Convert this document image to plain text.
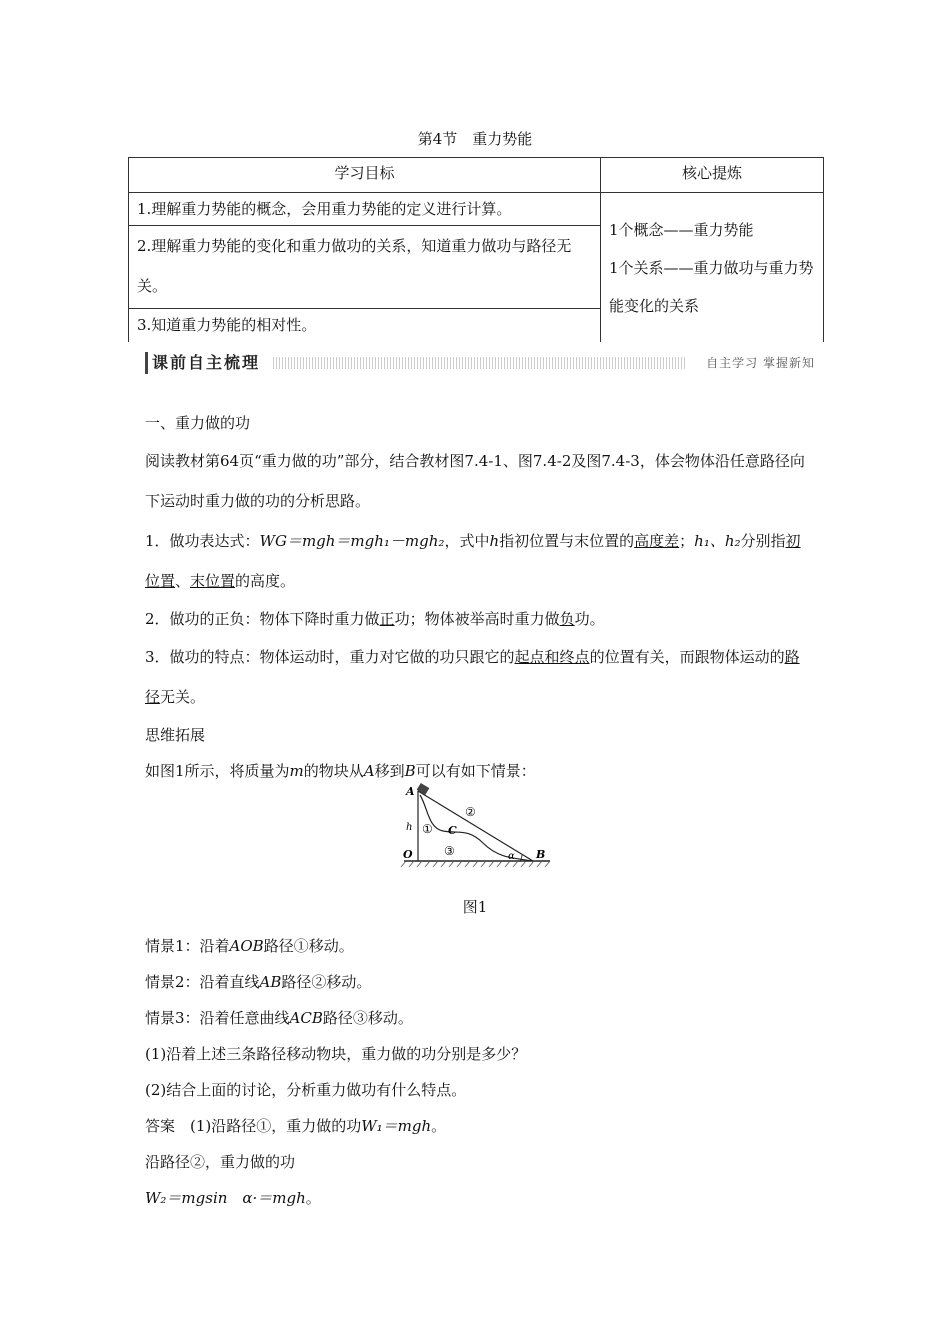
第4节　重力势能
学习目标	核心提炼
1.理解重力势能的概念，会用重力势能的定义进行计算。	1个概念——重力势能
1个关系——重力做功与重力势能变化的关系

2.理解重力势能的变化和重力做功的关系，知道重力做功与路径无关。	
3.知道重力势能的相对性。	
课前自主梳理	自主学习 掌握新知

一、重力做的功

阅读教材第64页“重力做的功”部分，结合教材图7.4-1、图7.4-2及图7.4-3，体会物体沿任意路径向下运动时重力做的功的分析思路。

1．做功表达式：WG＝mgh＝mgh₁－mgh₂，式中h指初位置与末位置的高度差；h₁、h₂分别指初位置、末位置的高度。

2．做功的正负：物体下降时重力做正功；物体被举高时重力做负功。

3．做功的特点：物体运动时，重力对它做的功只跟它的起点和终点的位置有关，而跟物体运动的路径无关。

思维拓展

如图1所示，将质量为m的物块从A移到B可以有如下情景：

A
B
O
C
h ①
②
③	α
图1

情景1：沿着AOB路径①移动。

情景2：沿着直线AB路径②移动。

情景3：沿着任意曲线ACB路径③移动。

(1)沿着上述三条路径移动物块，重力做的功分别是多少？

(2)结合上面的讨论，分析重力做功有什么特点。

答案　(1)沿路径①，重力做的功W₁＝mgh。

沿路径②，重力做的功

W₂＝mgsin　α·＝mgh。
